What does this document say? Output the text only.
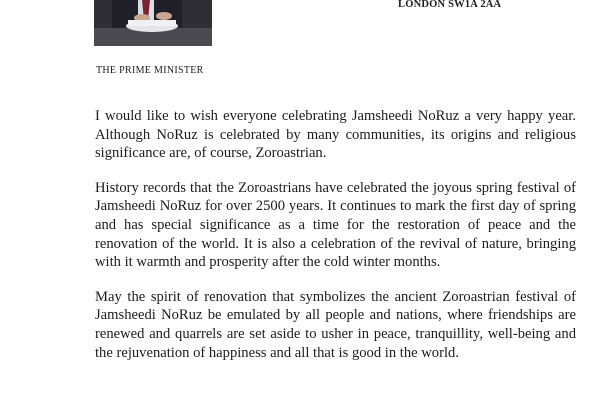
LONDON SW1A 2AA
THE PRIME MINISTER

I would like to wish everyone celebrating Jamsheedi NoRuz a very happy year. Although NoRuz is celebrated by many communities, its origins and religious significance are, of course, Zoroastrian.

History records that the Zoroastrians have celebrated the joyous spring festival of Jamsheedi NoRuz for over 2500 years. It continues to mark the first day of spring and has special significance as a time for the restoration of peace and the renovation of the world. It is also a celebration of the revival of nature, bringing with it warmth and prosperity after the cold winter months.

May the spirit of renovation that symbolizes the ancient Zoroastrian festival of Jamsheedi NoRuz be emulated by all people and nations, where friendships are renewed and quarrels are set aside to usher in peace, tranquillity, well-being and the rejuvenation of happiness and all that is good in the world.
